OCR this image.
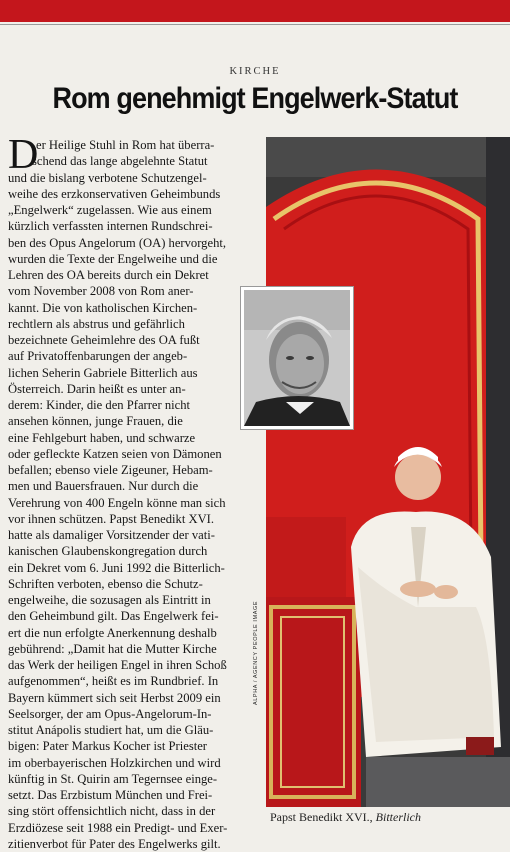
KIRCHE
Rom genehmigt Engelwerk-Statut
D
er Heilige Stuhl in Rom hat überra-
schend das lange abgelehnte Statut
und die bislang verbotene Schutzengel-
weihe des erzkonservativen Geheimbunds
„Engelwerk“ zugelassen. Wie aus einem
kürzlich verfassten internen Rundschrei-
ben des Opus Angelorum (OA) hervorgeht,
wurden die Texte der Engelweihe und die
Lehren des OA bereits durch ein Dekret
vom November 2008 von Rom aner-
kannt. Die von katholischen Kirchen-
rechtlern als abstrus und gefährlich
bezeichnete Geheimlehre des OA fußt
auf Privatoffenbarungen der angeb-
lichen Seherin Gabriele Bitterlich aus
Österreich. Darin heißt es unter an-
derem: Kinder, die den Pfarrer nicht
ansehen können, junge Frauen, die
eine Fehlgeburt haben, und schwarze
oder gefleckte Katzen seien von Dämonen
befallen; ebenso viele Zigeuner, Hebam-
men und Bauersfrauen. Nur durch die
Verehrung von 400 Engeln könne man sich
vor ihnen schützen. Papst Benedikt XVI.
hatte als damaliger Vorsitzender der vati-
kanischen Glaubenskongregation durch
ein Dekret vom 6. Juni 1992 die Bitterlich-
Schriften verboten, ebenso die Schutz-
engelweihe, die sozusagen als Eintritt in
den Geheimbund gilt. Das Engelwerk fei-
ert die nun erfolgte Anerkennung deshalb
gebührend: „Damit hat die Mutter Kirche
das Werk der heiligen Engel in ihren Schoß
aufgenommen“, heißt es im Rundbrief. In
Bayern kümmert sich seit Herbst 2009 ein
Seelsorger, der am Opus-Angelorum-In-
stitut Anápolis studiert hat, um die Gläu-
bigen: Pater Markus Kocher ist Priester
im oberbayerischen Holzkirchen und wird
künftig in St. Quirin am Tegernsee einge-
setzt. Das Erzbistum München und Frei-
sing stört offensichtlich nicht, dass in der
Erzdiözese seit 1988 ein Predigt- und Exer-
zitienverbot für Pater des Engelwerks gilt.
ALPHA / AGENCY PEOPLE IMAGE
Papst Benedikt XVI., Bitterlich
